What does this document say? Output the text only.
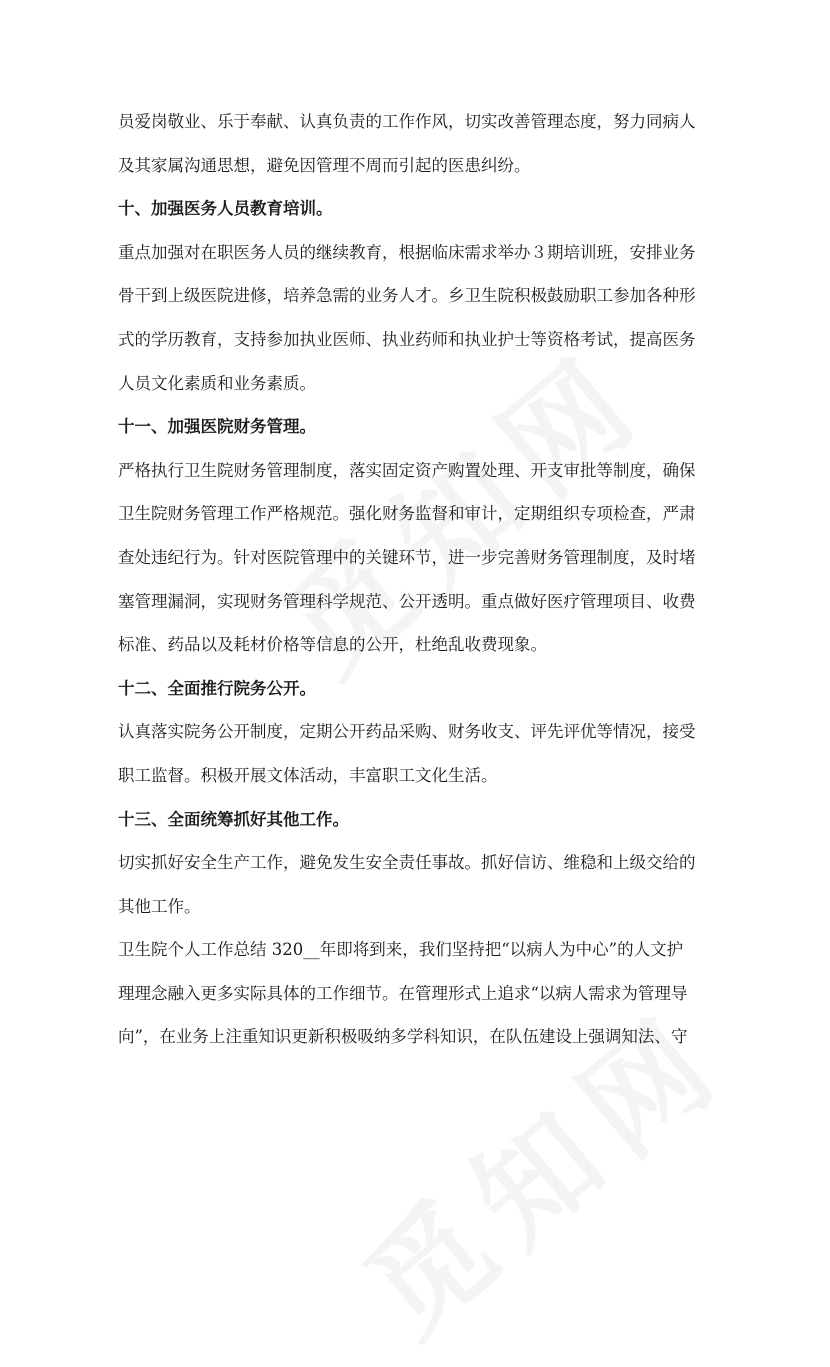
员爱岗敬业、乐于奉献、认真负责的工作作风，切实改善管理态度，努力同病人
及其家属沟通思想，避免因管理不周而引起的医患纠纷。

十、加强医务人员教育培训。

重点加强对在职医务人员的继续教育，根据临床需求举办３期培训班，安排业务
骨干到上级医院进修，培养急需的业务人才。乡卫生院积极鼓励职工参加各种形
式的学历教育，支持参加执业医师、执业药师和执业护士等资格考试，提高医务
人员文化素质和业务素质。

十一、加强医院财务管理。

严格执行卫生院财务管理制度，落实固定资产购置处理、开支审批等制度，确保
卫生院财务管理工作严格规范。强化财务监督和审计，定期组织专项检查，严肃
查处违纪行为。针对医院管理中的关键环节，进一步完善财务管理制度，及时堵
塞管理漏洞，实现财务管理科学规范、公开透明。重点做好医疗管理项目、收费
标准、药品以及耗材价格等信息的公开，杜绝乱收费现象。

十二、全面推行院务公开。

认真落实院务公开制度，定期公开药品采购、财务收支、评先评优等情况，接受
职工监督。积极开展文体活动，丰富职工文化生活。

十三、全面统筹抓好其他工作。

切实抓好安全生产工作，避免发生安全责任事故。抓好信访、维稳和上级交给的
其他工作。

卫生院个人工作总结 320__年即将到来，我们坚持把“以病人为中心”的人文护
理理念融入更多实际具体的工作细节。在管理形式上追求“以病人需求为管理导
向”，在业务上注重知识更新积极吸纳多学科知识，在队伍建设上强调知法、守
